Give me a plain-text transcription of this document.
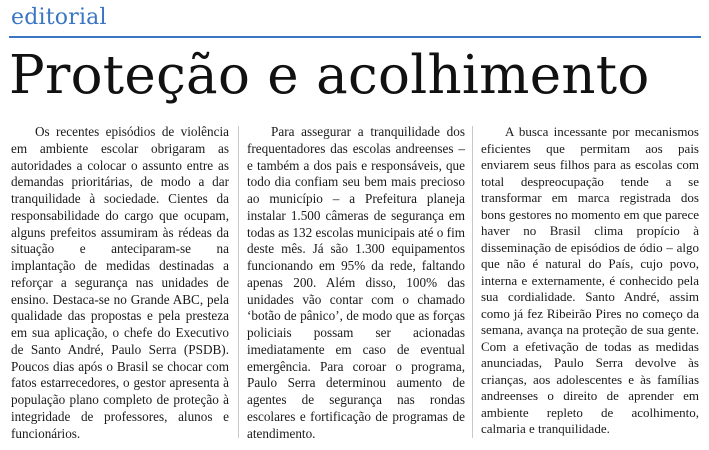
editorial
Proteção e acolhimento

Os recentes episódios de violência em ambiente escolar obrigaram as autoridades a colocar o assunto entre as demandas prioritárias, de modo a dar tranquilidade à sociedade. Cientes da responsabilidade do cargo que ocupam, alguns prefeitos assumiram às rédeas da situação e anteciparam-se na implantação de medidas destinadas a reforçar a segurança nas unidades de ensino. Destaca-se no Grande ABC, pela qualidade das propostas e pela presteza em sua aplicação, o chefe do Executivo de Santo André, Paulo Serra (PSDB). Poucos dias após o Brasil se chocar com fatos estarrecedores, o gestor apresenta à população plano completo de proteção à integridade de professores, alunos e funcionários.

Para assegurar a tranquilidade dos frequentadores das escolas andreenses – e também a dos pais e responsáveis, que todo dia confiam seu bem mais precioso ao município – a Prefeitura planeja instalar 1.500 câmeras de segurança em todas as 132 escolas municipais até o fim deste mês. Já são 1.300 equipamentos funcionando em 95% da rede, faltando apenas 200. Além disso, 100% das unidades vão contar com o chamado ‘botão de pânico’, de modo que as forças policiais possam ser acionadas imediatamente em caso de eventual emergência. Para coroar o programa, Paulo Serra determinou aumento de agentes de segurança nas rondas escolares e fortificação de programas de atendimento.

A busca incessante por mecanismos eficientes que permitam aos pais enviarem seus filhos para as escolas com total despreocupação tende a se transformar em marca registrada dos bons gestores no momento em que parece haver no Brasil clima propício à disseminação de episódios de ódio – algo que não é natural do País, cujo povo, interna e externamente, é conhecido pela sua cordialidade. Santo André, assim como já fez Ribeirão Pires no começo da semana, avança na proteção de sua gente. Com a efetivação de todas as medidas anunciadas, Paulo Serra devolve às crianças, aos adolescentes e às famílias andreenses o direito de aprender em ambiente repleto de acolhimento, calmaria e tranquilidade.
